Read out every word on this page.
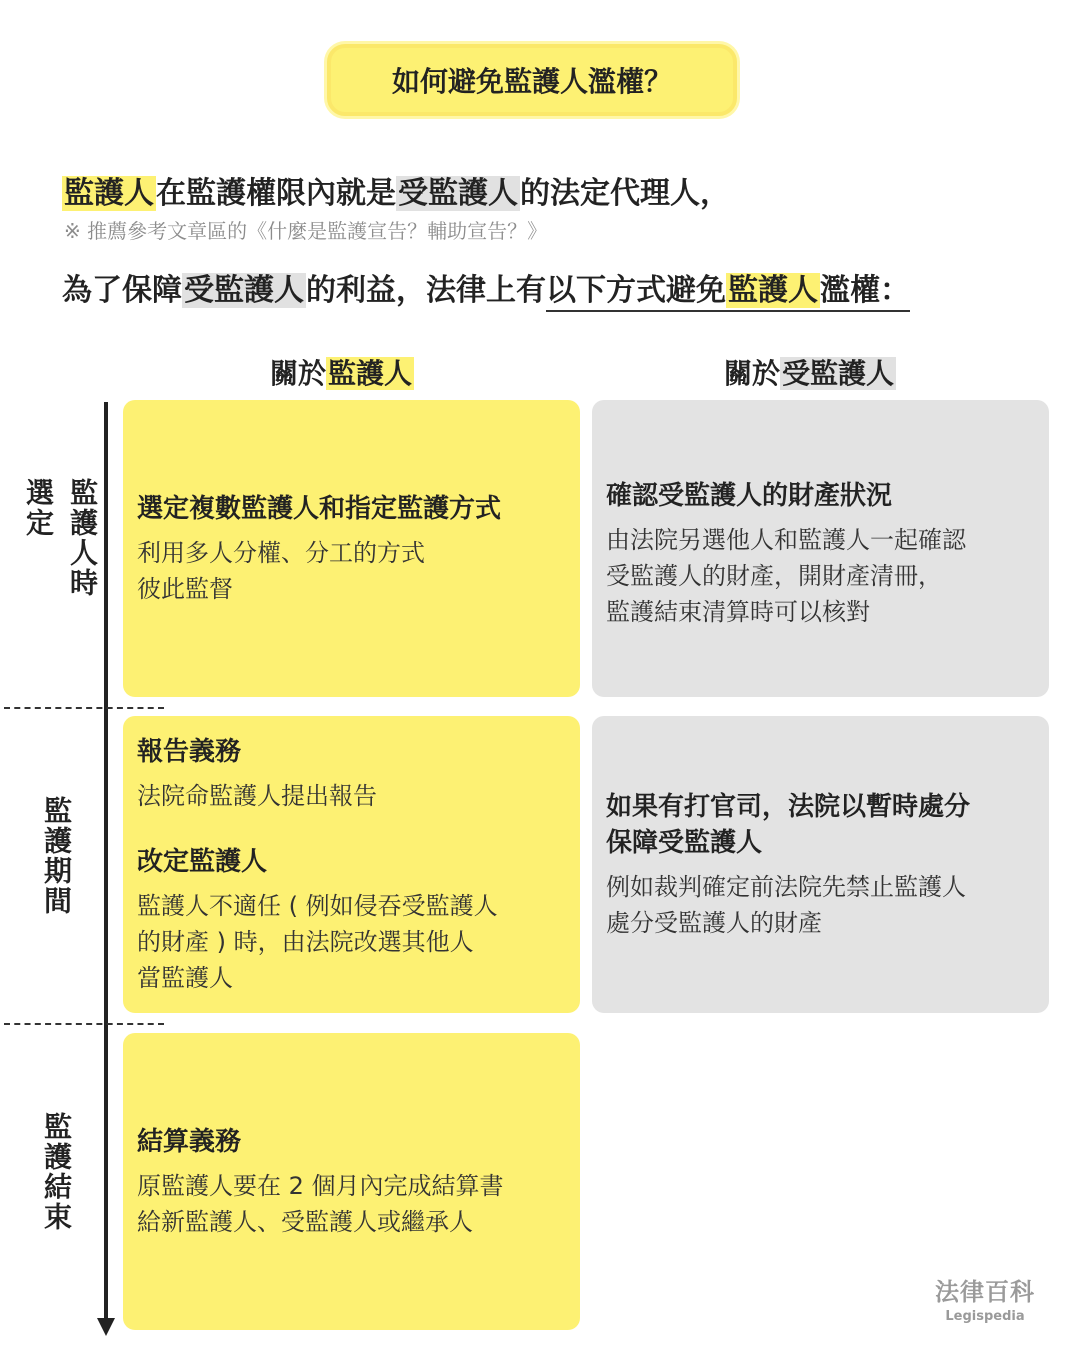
如何避免監護人濫權？
監護人在監護權限內就是受監護人的法定代理人，
※ 推薦參考文章區的《什麼是監護宣告？輔助宣告？》
為了保障受監護人的利益，法律上有以下方式避免監護人濫權：
關於監護人	關於受監護人
監護人時
選定
監護期間
監護結束
選定複數監護人和指定監護方式
利用多人分權、分工的方式
彼此監督
確認受監護人的財產狀況
由法院另選他人和監護人一起確認
受監護人的財產，開財產清冊，
監護結束清算時可以核對
報告義務
法院命監護人提出報告
改定監護人
監護人不適任 ( 例如侵吞受監護人
的財產 ) 時，由法院改選其他人
當監護人
如果有打官司，法院以暫時處分
保障受監護人
例如裁判確定前法院先禁止監護人
處分受監護人的財產
結算義務
原監護人要在 2 個月內完成結算書
給新監護人、受監護人或繼承人
法律百科
Legispedia
